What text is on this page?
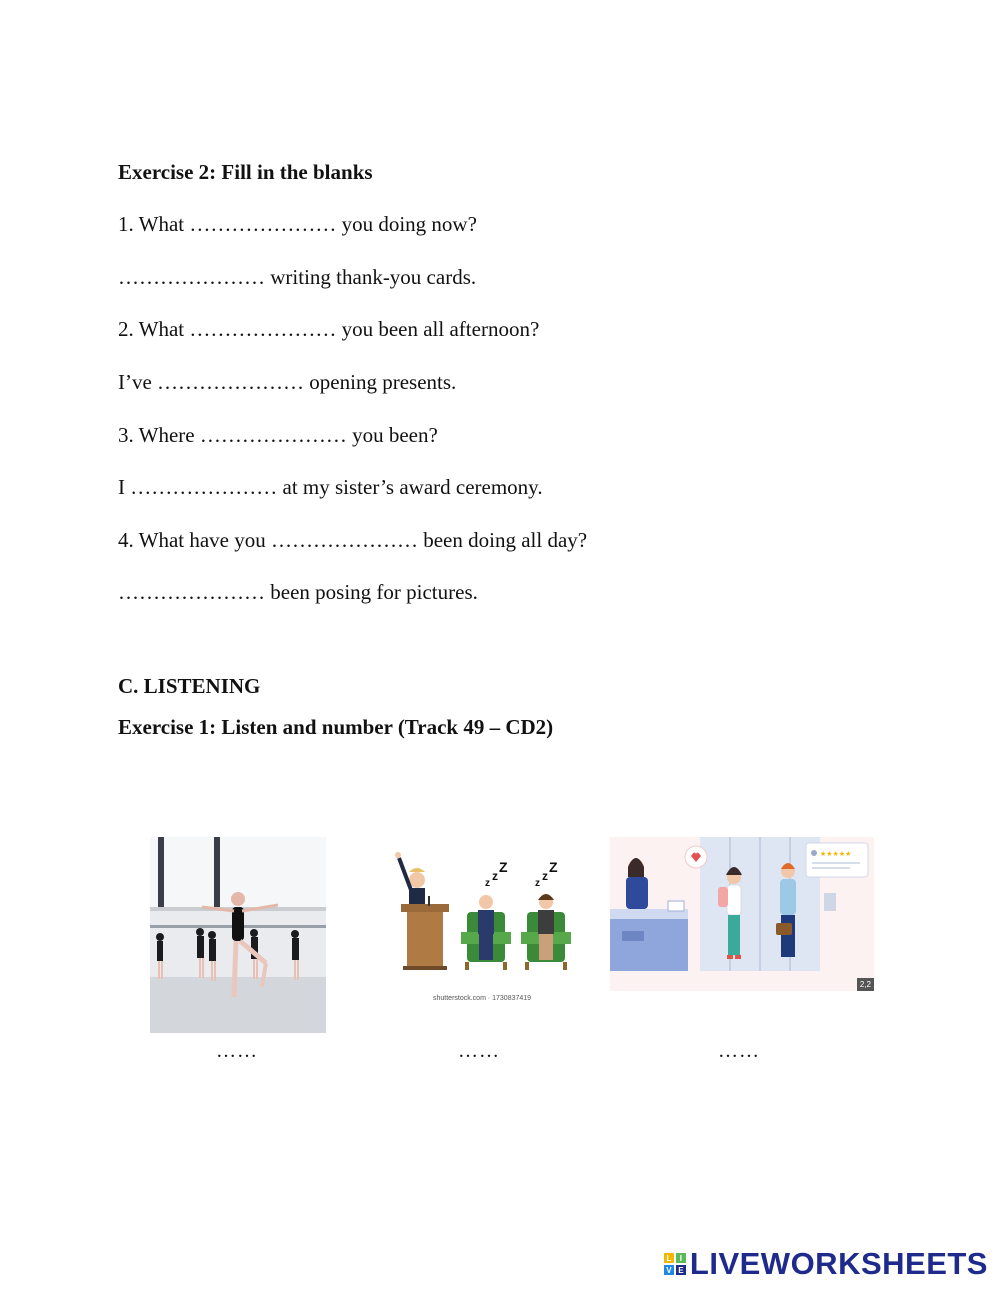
Exercise 2: Fill in the blanks
1. What ………………… you doing now?
………………… writing thank-you cards.
2. What ………………… you been all afternoon?
I’ve ………………… opening presents.
3. Where ………………… you been?
I ………………… at my sister’s award ceremony.
4. What have you ………………… been doing all day?
………………… been posing for pictures.
C. LISTENING
Exercise 1: Listen and number (Track 49 – CD2)
z
z
Z
z
z
Z
shutterstock.com · 1730837419
★★★★★
2,2
……	……	……
L	I
V E LIVEWORKSHEETS
